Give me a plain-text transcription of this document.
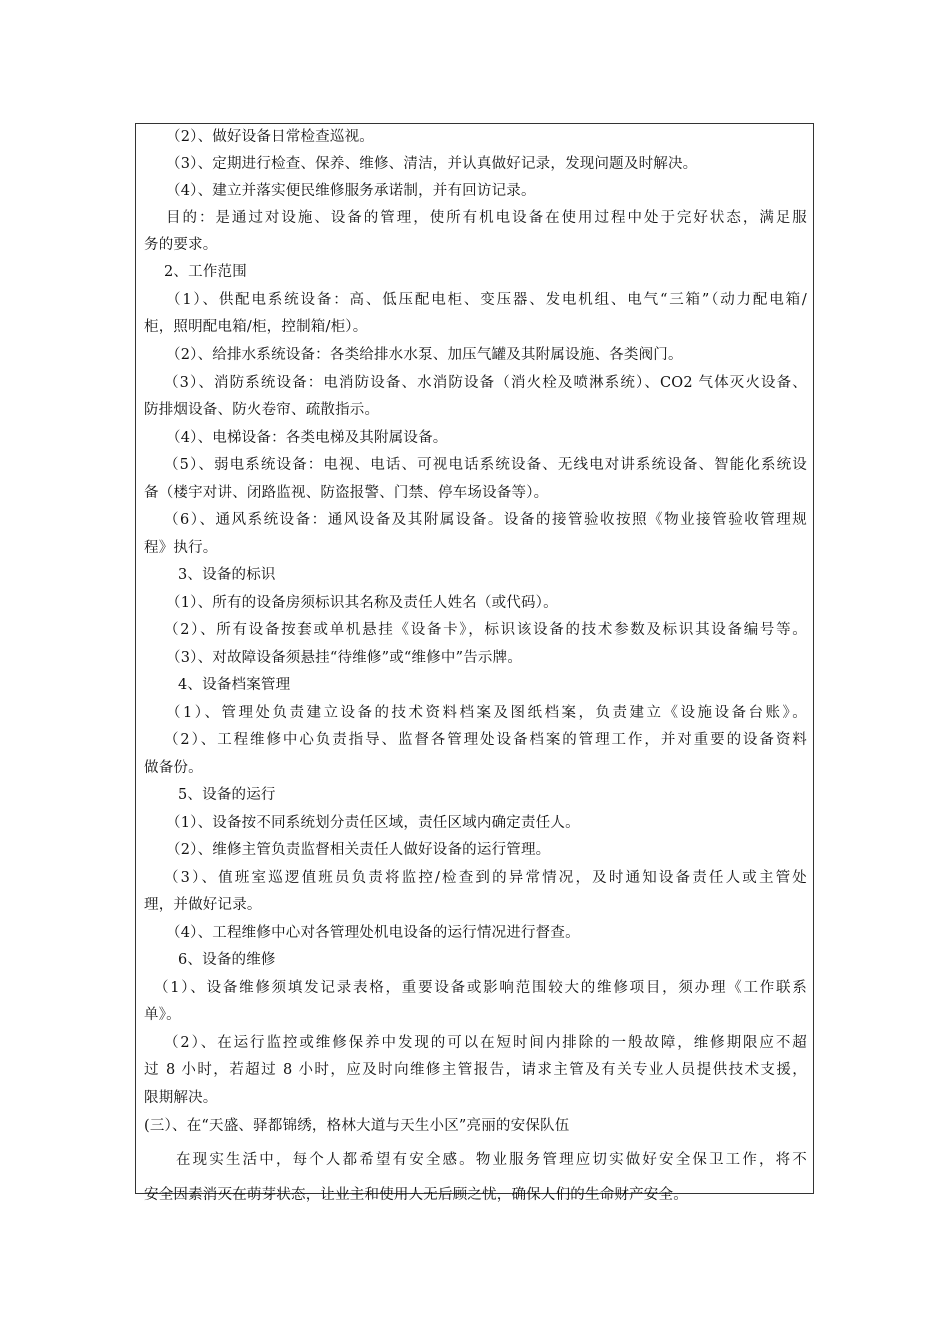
（2）、做好设备日常检查巡视。
（3）、定期进行检查、保养、维修、清洁，并认真做好记录，发现问题及时解决。
（4）、建立并落实便民维修服务承诺制，并有回访记录。
目的：是通过对设施、设备的管理，使所有机电设备在使用过程中处于完好状态，满足服
务的要求。
2、工作范围
（1）、供配电系统设备：高、低压配电柜、变压器、发电机组、电气“三箱”（动力配电箱/
柜，照明配电箱/柜，控制箱/柜）。
（2）、给排水系统设备：各类给排水水泵、加压气罐及其附属设施、各类阀门。
（3）、消防系统设备：电消防设备、水消防设备（消火栓及喷淋系统）、CO2 气体灭火设备、
防排烟设备、防火卷帘、疏散指示。
（4）、电梯设备：各类电梯及其附属设备。
（5）、弱电系统设备：电视、电话、可视电话系统设备、无线电对讲系统设备、智能化系统设
备（楼宇对讲、闭路监视、防盗报警、门禁、停车场设备等）。
（6）、通风系统设备：通风设备及其附属设备。设备的接管验收按照《物业接管验收管理规
程》执行。
3、设备的标识
（1）、所有的设备房须标识其名称及责任人姓名（或代码）。
（2）、所有设备按套或单机悬挂《设备卡》，标识该设备的技术参数及标识其设备编号等。
（3）、对故障设备须悬挂“待维修”或“维修中”告示牌。
4、设备档案管理
（1）、管理处负责建立设备的技术资料档案及图纸档案，负责建立《设施设备台账》。
（2）、工程维修中心负责指导、监督各管理处设备档案的管理工作，并对重要的设备资料
做备份。
5、设备的运行
（1）、设备按不同系统划分责任区域，责任区域内确定责任人。
（2）、维修主管负责监督相关责任人做好设备的运行管理。
（3）、值班室巡逻值班员负责将监控/检查到的异常情况，及时通知设备责任人或主管处
理，并做好记录。
（4）、工程维修中心对各管理处机电设备的运行情况进行督查。
6、设备的维修
（1）、设备维修须填发记录表格，重要设备或影响范围较大的维修项目，须办理《工作联系
单》。
（2）、在运行监控或维修保养中发现的可以在短时间内排除的一般故障，维修期限应不超
过 8 小时，若超过 8 小时，应及时向维修主管报告，请求主管及有关专业人员提供技术支援，
限期解决。
(三）、在“天盛、驿都锦绣，格林大道与天生小区”亮丽的安保队伍
在现实生活中，每个人都希望有安全感。物业服务管理应切实做好安全保卫工作，将不
安全因素消灭在萌芽状态，让业主和使用人无后顾之忧，确保人们的生命财产安全。
